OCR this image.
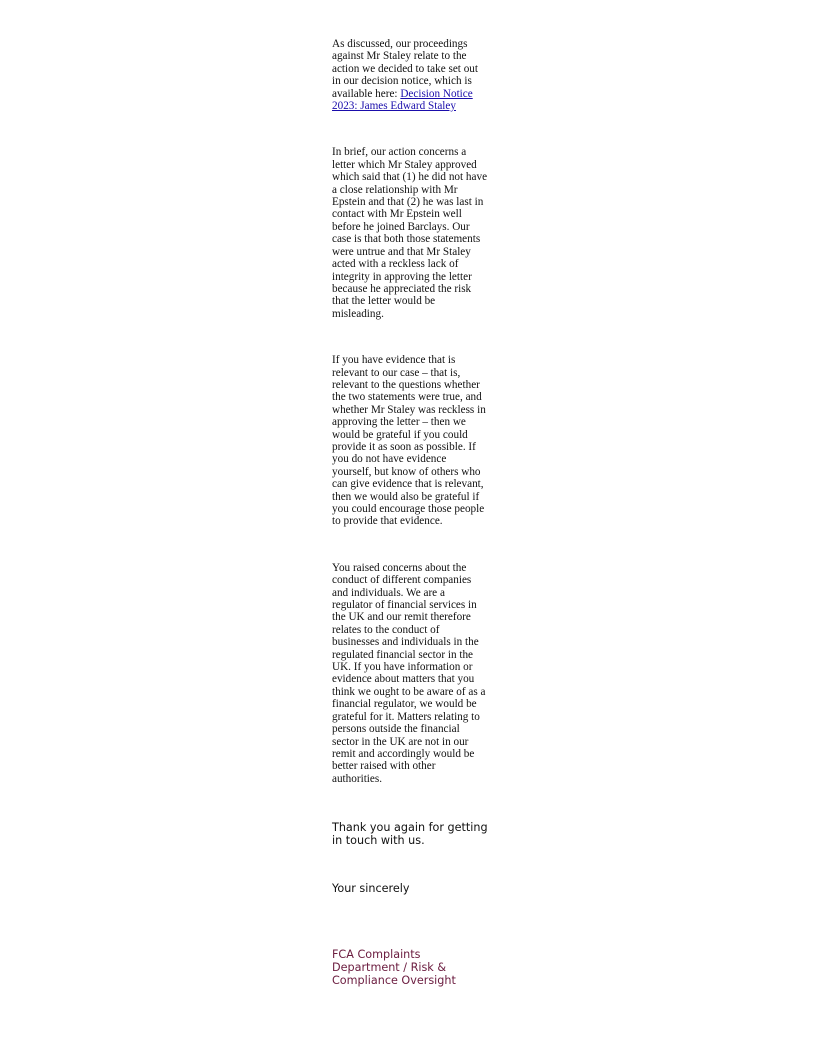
As discussed, our proceedings against Mr Staley relate to the action we decided to take set out in our decision notice, which is available here: Decision Notice 2023: James Edward Staley

In brief, our action concerns a letter which Mr Staley approved which said that (1) he did not have a close relationship with Mr Epstein and that (2) he was last in contact with Mr Epstein well before he joined Barclays. Our case is that both those statements were untrue and that Mr Staley acted with a reckless lack of integrity in approving the letter because he appreciated the risk that the letter would be misleading.

If you have evidence that is relevant to our case – that is, relevant to the questions whether the two statements were true, and whether Mr Staley was reckless in approving the letter – then we would be grateful if you could provide it as soon as possible. If you do not have evidence yourself, but know of others who can give evidence that is relevant, then we would also be grateful if you could encourage those people to provide that evidence.

You raised concerns about the conduct of different companies and individuals. We are a regulator of financial services in the UK and our remit therefore relates to the conduct of businesses and individuals in the regulated financial sector in the UK. If you have information or evidence about matters that you think we ought to be aware of as a financial regulator, we would be grateful for it. Matters relating to persons outside the financial sector in the UK are not in our remit and accordingly would be better raised with other authorities.

Thank you again for getting in touch with us.

Your sincerely

FCA Complaints Department / Risk & Compliance Oversight
